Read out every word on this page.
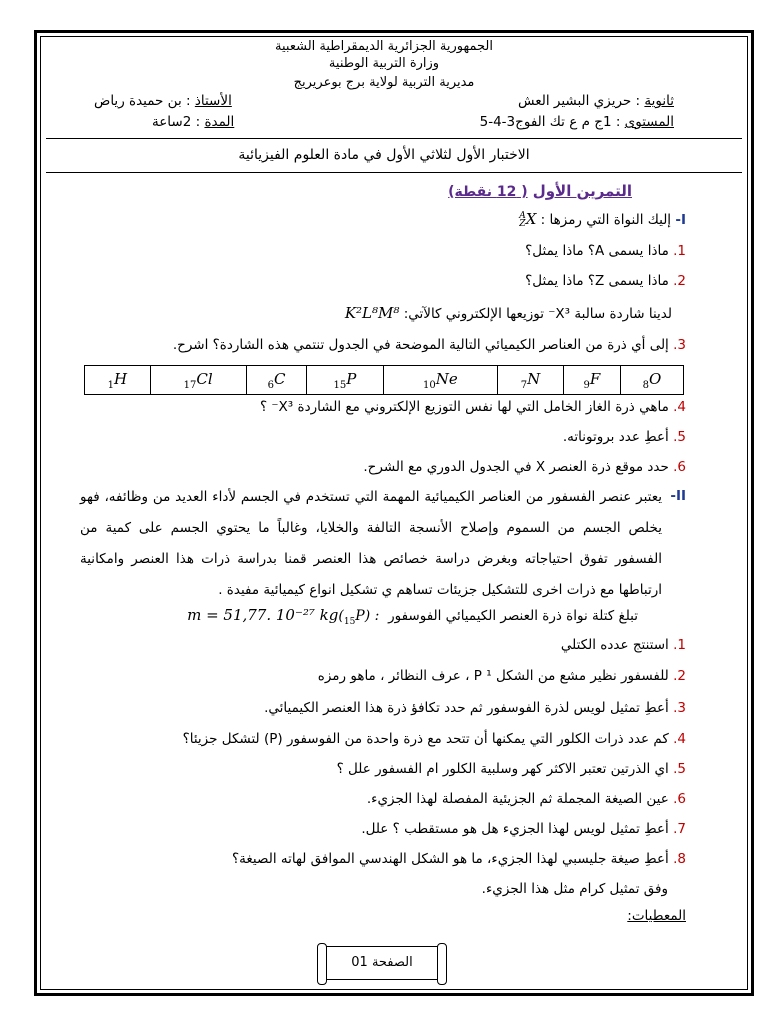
الجمهورية الجزائرية الديمقراطية الشعبية
وزارة التربية الوطنية
مديرية التربية لولاية برج بوعريريج
ثانوية : حريزي البشير العش
المستوى : 1ج م ع تك الفوج3-4-5
الأستاذ : بن حميدة رياض
المدة : 2ساعة
الاختبار الأول لثلاثي الأول في مادة العلوم الفيزيائية
التمرين الأول ( 12 نقطة)
I- إليك النواة التي رمزها : A
ZX
1. ماذا يسمى A؟ ماذا يمثل؟
2. ماذا يسمى Z؟ ماذا يمثل؟
لدينا شاردة سالبة X³⁻ توزيعها الإلكتروني كالآتي: K²L⁸M⁸
3. إلى أي ذرة من العناصر الكيميائي التالية الموضحة في الجدول تنتمي هذه الشاردة؟ اشرح.
$_1$H	$_{17}$Cl	$_6$C	$_{15}$P	$_{10}$Ne	$_7$N	$_9$F	$_8$O
4. ماهي ذرة الغاز الخامل التي لها نفس التوزيع الإلكتروني مع الشاردة X³⁻ ؟
5. أعطِ عدد بروتوناته.
6. حدد موقع ذرة العنصر X في الجدول الدوري مع الشرح.
II-
يعتبر عنصر الفسفور من العناصر الكيميائية المهمة التي تستخدم في الجسم لأداء العديد من وظائفه، فهو يخلص الجسم من السموم وإصلاح الأنسجة التالفة والخلايا، وغالباً ما يحتوي الجسم على كمية من الفسفور تفوق احتياجاته وبغرض دراسة خصائص هذا العنصر قمنا بدراسة ذرات هذا العنصر وامكانية ارتباطها مع ذرات اخرى للتشكيل جزيئات تساهم ي تشكيل انواع كيميائية مفيدة .
تبلغ كتلة نواة ذرة العنصر الكيميائي الفوسفور $(_{15}P)$ : m = 51,77. 10⁻²⁷ kg
1. استنتج عدده الكتلي
2. للفسفور نظير مشع من الشكل P ¹ ، عرف النظائر ، ماهو رمزه
3. أعطِ تمثيل لويس لذرة الفوسفور ثم حدد تكافؤ ذرة هذا العنصر الكيميائي.
4. كم عدد ذرات الكلور التي يمكنها أن تتحد مع ذرة واحدة من الفوسفور (P) لتشكل جزيئا؟
5. اي الذرتين تعتبر الاكثر كهر وسلبية الكلور ام الفسفور علل ؟
6. عين الصيغة المجملة ثم الجزيئية المفصلة لهذا الجزيء.
7. أعطِ تمثيل لويس لهذا الجزيء هل هو مستقطب ؟ علل.
8. أعطِ صيغة جليسبي لهذا الجزيء، ما هو الشكل الهندسي الموافق لهاته الصيغة؟
وفق تمثيل كرام مثل هذا الجزيء.
المعطيات:
الصفحة 01
